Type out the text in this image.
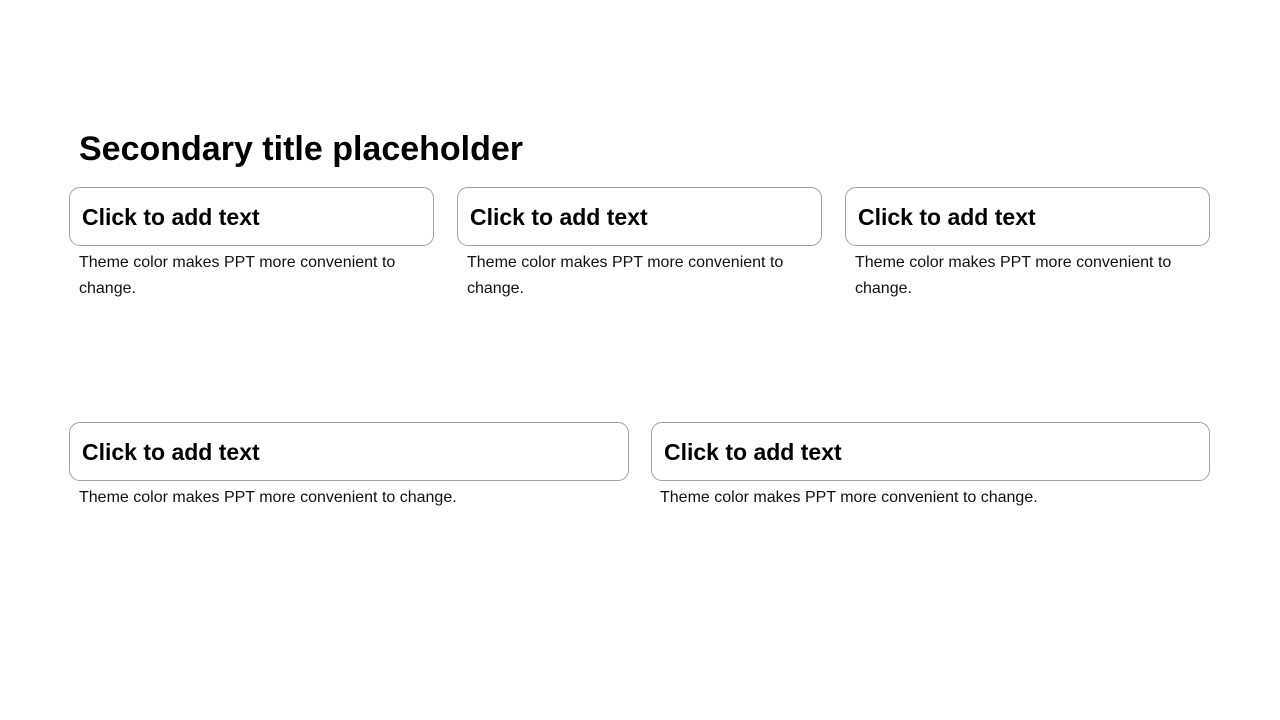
Secondary title placeholder
Click to add text
Theme color makes PPT more convenient to change.
Click to add text
Theme color makes PPT more convenient to change.
Click to add text
Theme color makes PPT more convenient to change.
Click to add text
Theme color makes PPT more convenient to change.
Click to add text
Theme color makes PPT more convenient to change.
